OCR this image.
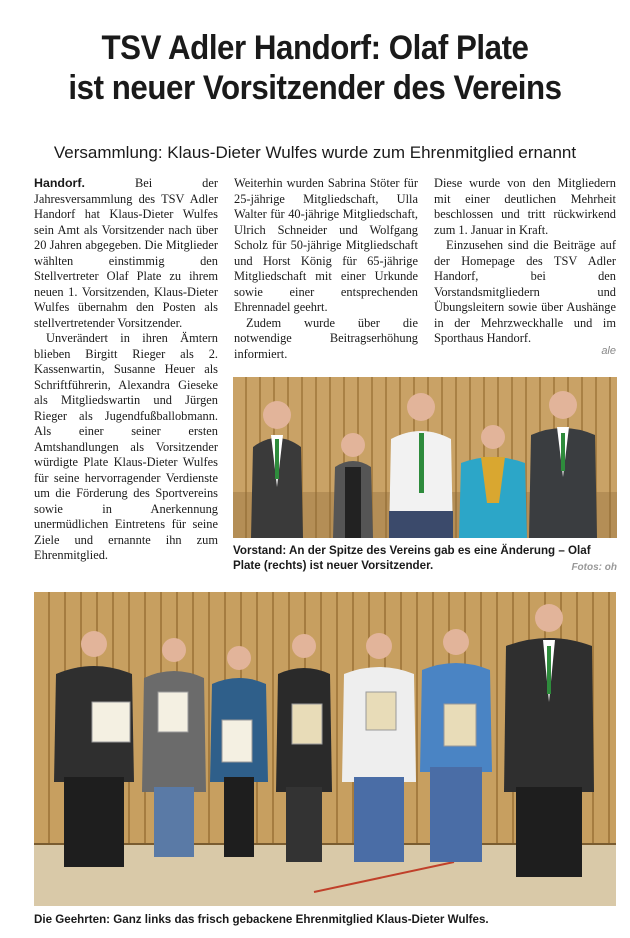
TSV Adler Handorf: Olaf Plate
ist neuer Vorsitzender des Vereins
Versammlung: Klaus-Dieter Wulfes wurde zum Ehrenmitglied ernannt

Handorf.	Bei der Jahresversammlung des TSV Adler Handorf hat Klaus-Dieter Wulfes sein Amt als Vorsitzender nach über 20 Jahren abgegeben. Die Mitglieder wählten einstimmig den Stellvertreter Olaf Plate zu ihrem neuen 1. Vorsitzenden, Klaus-Dieter Wulfes übernahm den Posten als stellvertretender Vorsitzender.

Unverändert in ihren Ämtern blieben Birgitt Rieger als 2. Kassenwartin, Susanne Heuer als Schriftführerin, Alexandra Gieseke als Mitgliedswartin und Jürgen Rieger als Jugendfußballobmann. Als einer seiner ersten Amtshandlungen als Vorsitzender würdigte Plate Klaus-Dieter Wulfes für seine hervorragender Verdienste um die Förderung des Sportvereins sowie in Anerkennung unermüdlichen Eintretens für seine Ziele und ernannte ihn zum Ehrenmitglied.

Weiterhin wurden Sabrina Stöter für 25-jährige Mitgliedschaft, Ulla Walter für 40-jährige Mitgliedschaft, Ulrich Schneider und Wolfgang Scholz für 50-jährige Mitgliedschaft und Horst König für 65-jährige Mitgliedschaft mit einer Urkunde sowie einer entsprechenden Ehrennadel geehrt.

Zudem wurde über die notwendige Beitragserhöhung informiert.

Diese wurde von den Mitgliedern mit einer deutlichen Mehrheit beschlossen und tritt rückwirkend zum 1. Januar in Kraft.

Einzusehen sind die Beiträge auf der Homepage des TSV Adler Handorf, bei den Vorstandsmitgliedern und Übungsleitern sowie über Aushänge in der Mehrzweckhalle und im Sporthaus Handorf.

ale
Vorstand: An der Spitze des Vereins gab es eine Änderung – Olaf Plate (rechts) ist neuer Vorsitzender.	Fotos: oh
Die Geehrten: Ganz links das frisch gebackene Ehrenmitglied Klaus-Dieter Wulfes.
